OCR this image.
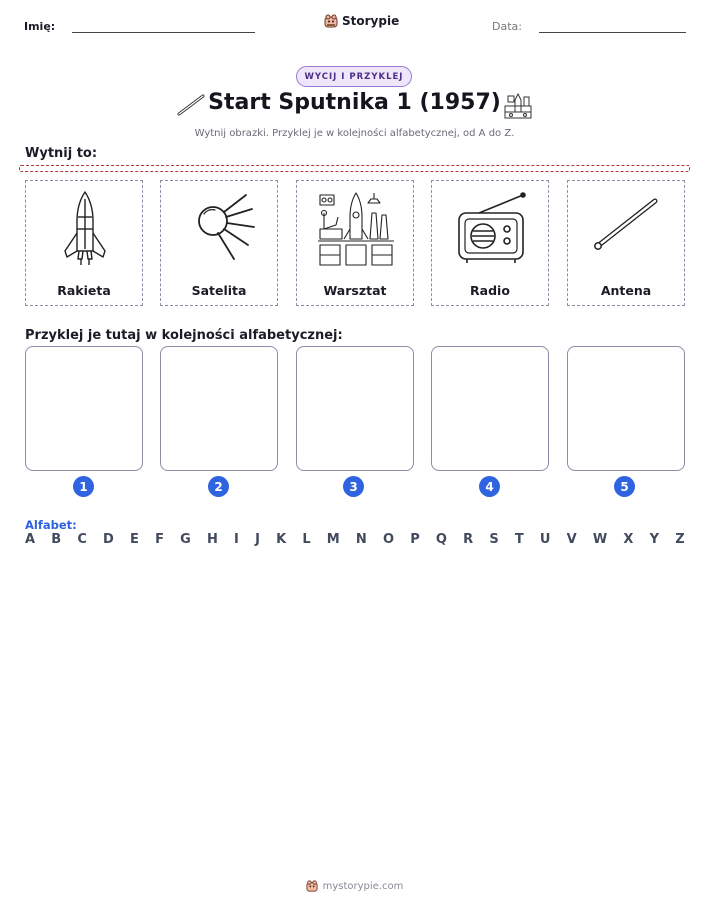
Imię:	Storypie	Data:
WYCIJ I PRZYKLEJ
Start Sputnika 1 (1957)
Wytnij obrazki. Przyklej je w kolejności alfabetycznej, od A do Z.
Wytnij to:
Rakieta	Satelita	Warsztat	Radio	Antena
Przyklej je tutaj w kolejności alfabetycznej:
1	2	3	4	5
Alfabet:
A B C D E F G H I J K L M N O P Q R S T U V W X Y Z
mystorypie.com
